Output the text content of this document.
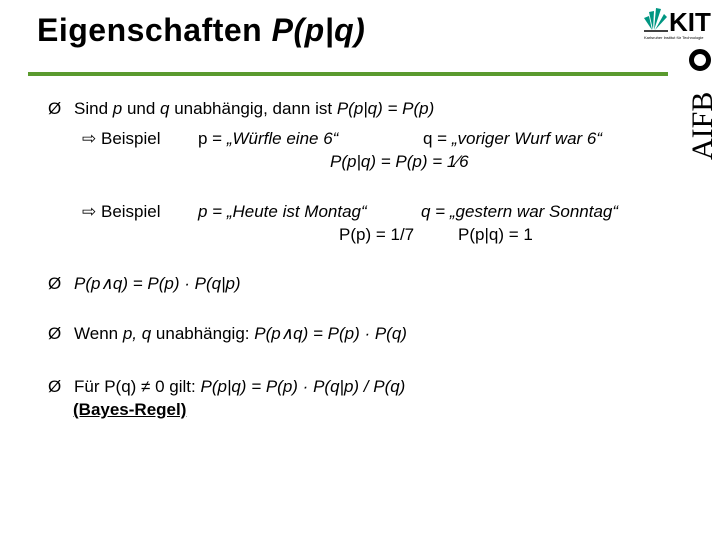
Eigenschaften P(p|q)	KIT
Karlsruher Institut für Technologie
AIFB
Ø Sind p und q unabhängig, dann ist P(p|q) = P(p)
⇨ Beispiel p = „Würfle eine 6“	q = „voriger Wurf war 6“
P(p|q) = P(p) = 1⁄6
⇨ Beispiel p = „Heute ist Montag“	q = „gestern war Sonntag“
P(p) = 1/7	P(p|q) = 1
Ø P(p∧q) = P(p) · P(q|p)
Ø Wenn p, q unabhängig: P(p∧q) = P(p) · P(q)
Ø Für P(q) ≠ 0 gilt: P(p|q) = P(p) · P(q|p) / P(q)
(Bayes-Regel)
